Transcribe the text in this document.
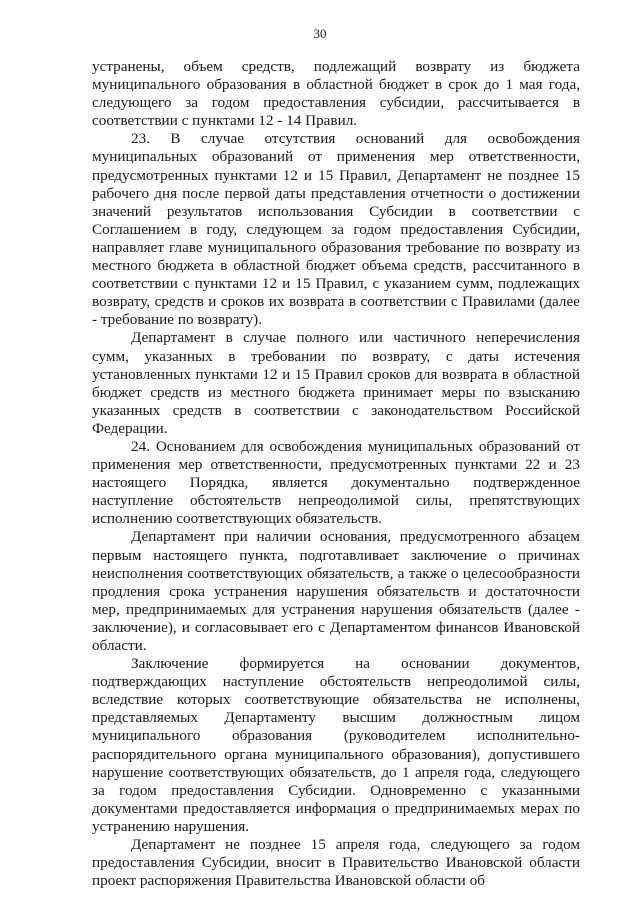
30

устранены, объем средств, подлежащий возврату из бюджета муниципального образования в областной бюджет в срок до 1 мая года, следующего за годом предоставления субсидии, рассчитывается в соответствии с пунктами 12 - 14 Правил.

23. В случае отсутствия оснований для освобождения муниципальных образований от применения мер ответственности, предусмотренных пунктами 12 и 15 Правил, Департамент не позднее 15 рабочего дня после первой даты представления отчетности о достижении значений результатов использования Субсидии в соответствии с Соглашением в году, следующем за годом предоставления Субсидии, направляет главе муниципального образования требование по возврату из местного бюджета в областной бюджет объема средств, рассчитанного в соответствии с пунктами 12 и 15 Правил, с указанием сумм, подлежащих возврату, средств и сроков их возврата в соответствии с Правилами (далее - требование по возврату).

Департамент в случае полного или частичного неперечисления сумм, указанных в требовании по возврату, с даты истечения установленных пунктами 12 и 15 Правил сроков для возврата в областной бюджет средств из местного бюджета принимает меры по взысканию указанных средств в соответствии с законодательством Российской Федерации.

24. Основанием для освобождения муниципальных образований от применения мер ответственности, предусмотренных пунктами 22 и 23 настоящего Порядка, является документально подтвержденное наступление обстоятельств непреодолимой силы, препятствующих исполнению соответствующих обязательств.

Департамент при наличии основания, предусмотренного абзацем первым настоящего пункта, подготавливает заключение о причинах неисполнения соответствующих обязательств, а также о целесообразности продления срока устранения нарушения обязательств и достаточности мер, предпринимаемых для устранения нарушения обязательств (далее - заключение), и согласовывает его с Департаментом финансов Ивановской области.

Заключение формируется на основании документов, подтверждающих наступление обстоятельств непреодолимой силы, вследствие которых соответствующие обязательства не исполнены, представляемых Департаменту высшим должностным лицом муниципального образования (руководителем исполнительно-распорядительного органа муниципального образования), допустившего нарушение соответствующих обязательств, до 1 апреля года, следующего за годом предоставления Субсидии. Одновременно с указанными документами предоставляется информация о предпринимаемых мерах по устранению нарушения.

Департамент не позднее 15 апреля года, следующего за годом предоставления Субсидии, вносит в Правительство Ивановской области проект распоряжения Правительства Ивановской области об
